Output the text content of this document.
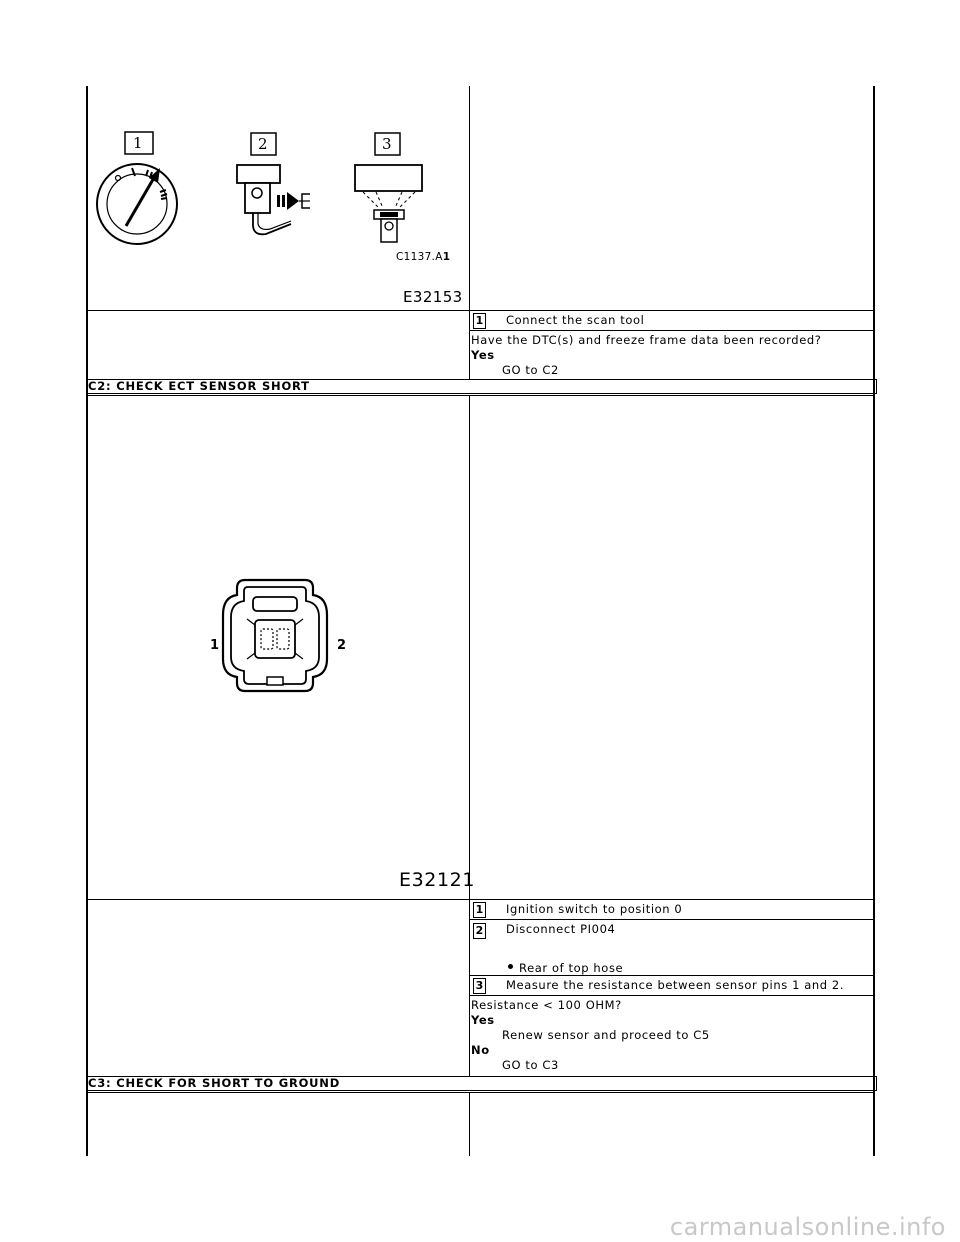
C1137.A1
E32153
1	2	3
1 Connect the scan tool
Have the DTC(s) and freeze frame data been recorded?
Yes
GO to C2
C2: CHECK ECT SENSOR SHORT
1	2
E32121
1 Ignition switch to position 0
2 Disconnect PI004
Rear of top hose
3 Measure the resistance between sensor pins 1 and 2.
Resistance < 100 OHM?
Yes
Renew sensor and proceed to C5
No
GO to C3
C3: CHECK FOR SHORT TO GROUND
carmanualsonline.info
